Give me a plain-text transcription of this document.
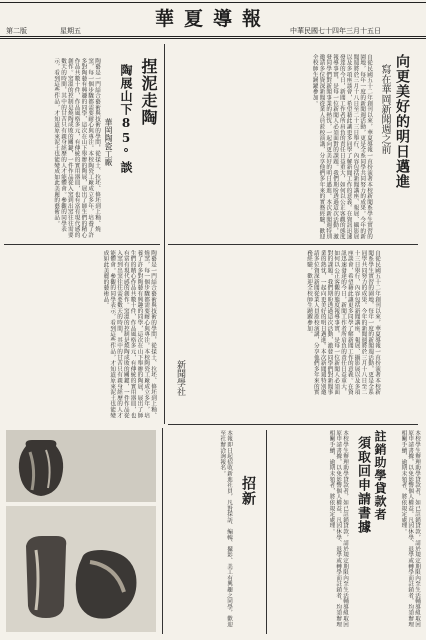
華夏導報
第二版	星期五	中華民國七十四年三月十五日
向更美好的明日邁進
寫在華岡新聞週之前
自從民國五十二年創刊以來，華夏導報一直扮演著本校新聞系學生實習的園地，每年一度的新聞週活動，更是全系同學共同努力的成果。今年的新聞週將於三月十八日至二十三日舉行，內容包括新聞講座、報展、攝影展以及多項座談會，希望藉此讓更多同學了解新聞工作的意義。在資訊迅速發達的今日，新聞工作者所肩負的責任日益重大，如何以公正客觀的態度報導事實，是每一位新聞人必須面對的課題。我們期盼透過這次活動，激發同學們對新聞事業的熱忱，一起向更美好的明日邁進。本次新聞週特別邀請多位資深新聞從業人員蒞校演講，分享他們多年來的實務經驗，歡迎全校師生踴躍參加。
自從民國五十二年創刊以來，華夏導報一直扮演著本校新聞系學生實習的園地，每年一度的新聞週活動，更是全系同學共同努力的成果。今年的新聞週將於三月十八日至二十三日舉行，內容包括新聞講座、報展、攝影展以及多項座談會，希望藉此讓更多同學了解新聞工作的意義。在資訊迅速發達的今日，新聞工作者所肩負的責任日益重大，如何以公正客觀的態度報導事實，是每一位新聞人必須面對的課題。我們期盼透過這次活動，激發同學們對新聞事業的熱忱，一起向更美好的明日邁進。本次新聞週特別邀請多位資深新聞從業人員蒞校演講，分享他們多年來的實務經驗，歡迎全校師生踴躍參加。
新聞學社
捏泥走陶
陶展山下85°談
華岡陶瓷工廠
陶藝是一門結合藝術與技術的學問，從揉土、拉坯、修坯到上釉、燒窯，每一個步驟都需要耐心與專注。本校陶瓷工廠成立多年，培養了許多對陶藝有興趣的同學，這次在山下舉辦的陶展，展出了師生們的精心作品共數十件，作品風格多元，有傳統的實用器皿，也有富有現代感的創作。窯溫的控制是燒陶成敗的關鍵，一件作品從入窯到出窯往往需要數天的時間，其中的甘苦只有親身經歷的人才能體會。參觀的同學表示，看到這些作品，才知道原來泥土也能變成如此美麗的藝術品。
陶藝是一門結合藝術與技術的學問，從揉土、拉坯、修坯到上釉、燒窯，每一個步驟都需要耐心與專注。本校陶瓷工廠成立多年，培養了許多對陶藝有興趣的同學，這次在山下舉辦的陶展，展出了師生們的精心作品共數十件，作品風格多元，有傳統的實用器皿，也有富有現代感的創作。窯溫的控制是燒陶成敗的關鍵，一件作品從入窯到出窯往往需要數天的時間，其中的甘苦只有親身經歷的人才能體會。參觀的同學表示，看到這些作品，才知道原來泥土也能變成如此美麗的藝術品。
註銷助學貸款者
須取回申請書據
本校學生辦理助學貸款者，如已註銷貸款，請於規定期限內至生活輔導組取回原申請書據，以免影響個人權益。凡因休學、退學或轉學而註銷者，均須辦理相關手續，逾期未領者，將依規定處理。	本校學生辦理助學貸款者，如已註銷貸款，請於規定期限內至生活輔導組取回原申請書據，以免影響個人權益。凡因休學、退學或轉學而註銷者，均須辦理相關手續，逾期未領者，將依規定處理。
招新
本報即日起招收新進社員，凡對採訪、編輯、攝影、美工有興趣之同學，歡迎至社辦洽詢報名。
